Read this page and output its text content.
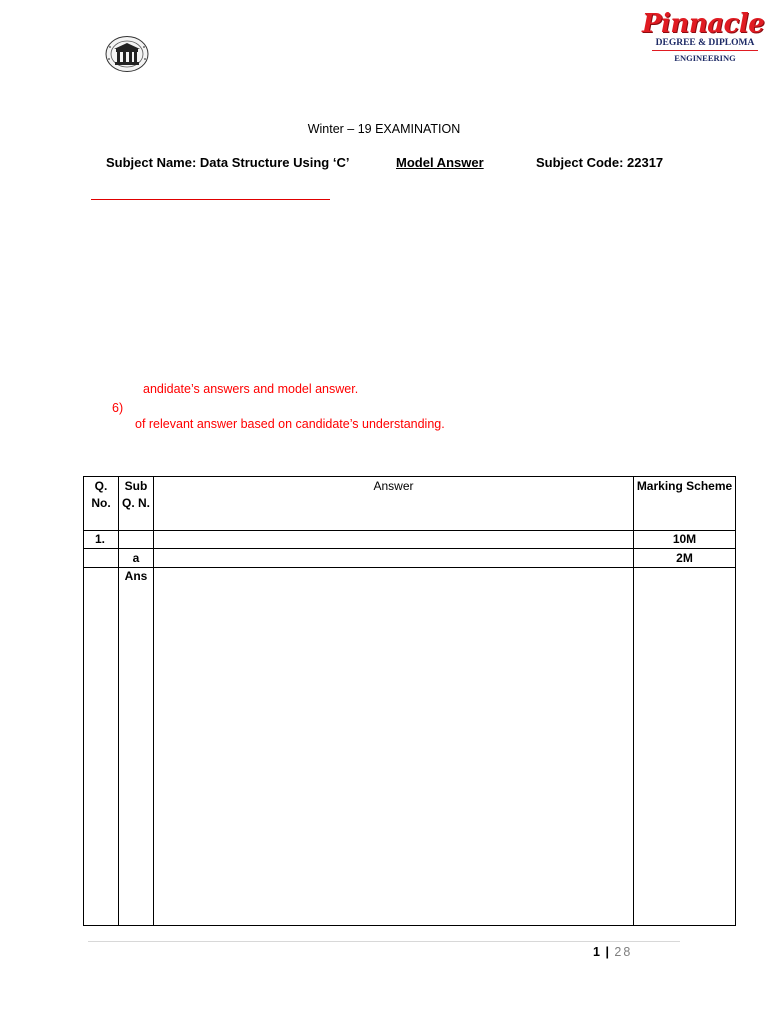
Pinnacle
DEGREE & DIPLOMA
ENGINEERING
Winter – 19 EXAMINATION
Subject Name: Data Structure Using ‘C’	Model Answer	Subject Code: 22317
andidate’s answers and model answer.
6)
of relevant answer based on candidate’s understanding.
Q. No.	Sub Q. N.	Answer	Marking Scheme
1.			10M
	a		2M
	Ans		
1 | 28
